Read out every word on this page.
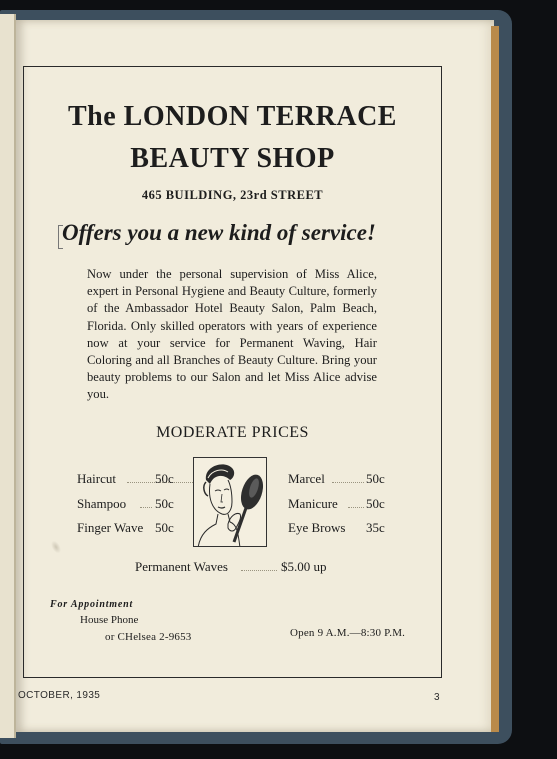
The LONDON TERRACE
BEAUTY SHOP
465 BUILDING, 23rd STREET
Offers you a new kind of service!
Now under the personal supervision of Miss Alice, expert in Personal Hygiene and Beauty Culture, formerly of the Ambassador Hotel Beauty Salon, Palm Beach, Florida. Only skilled operators with years of experience now at your service for Permanent Waving, Hair Coloring and all Branches of Beauty Culture. Bring your beauty problems to our Salon and let Miss Alice advise you.
MODERATE PRICES
Haircut	50c
Shampoo 50c
Finger Wave 50c
Marcel	50c
Manicure 50c
Eye Brows 35c
Permanent Waves	$5.00 up
For Appointment
House Phone
or CHelsea 2-9653	Open 9 A.M.—8:30 P.M.
OCTOBER, 1935	3
